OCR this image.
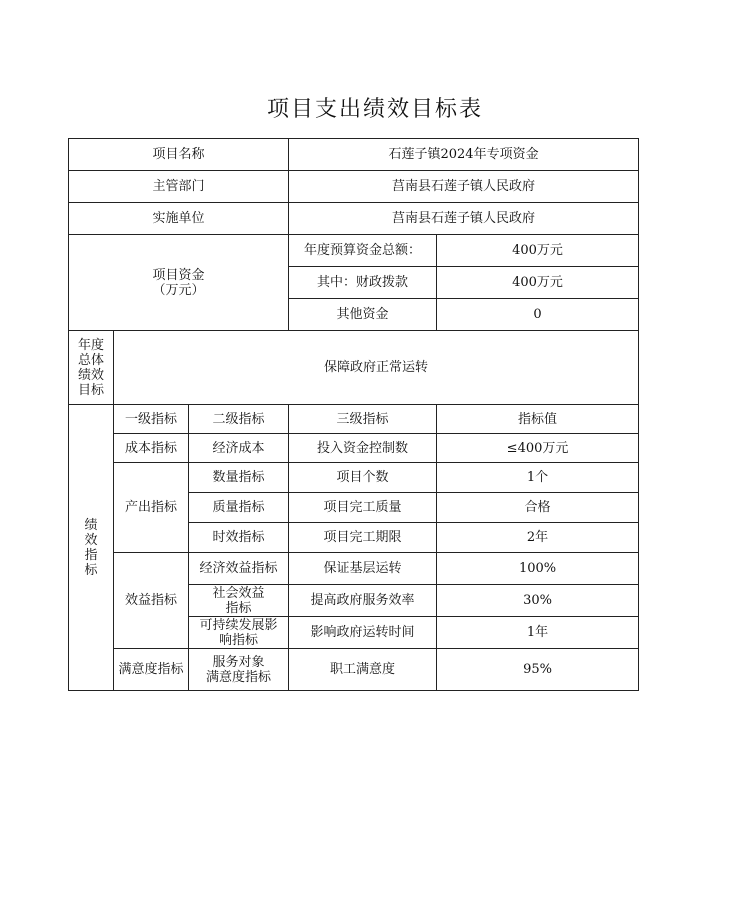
项目支出绩效目标表
项目名称			石莲子镇2024年专项资金	
主管部门			莒南县石莲子镇人民政府	
实施单位			莒南县石莲子镇人民政府	

项目资金
（万元）			年度预算资金总额：	400万元
			其中：财政拨款	400万元
			其他资金	0

年度
总体
绩效
目标	保障政府正常运转			

绩
效
指
标	一级指标	二级指标	三级指标	指标值
	成本指标	经济成本	投入资金控制数	≤400万元
	产出指标	数量指标	项目个数	1个
		质量指标	项目完工质量	合格
		时效指标	项目完工期限	2年
	效益指标	经济效益指标	保证基层运转	100%

		社会效益
指标	提高政府服务效率	30%

		可持续发展影
响指标	影响政府运转时间	1年
	满意度指标	服务对象
满意度指标	职工满意度	95%
